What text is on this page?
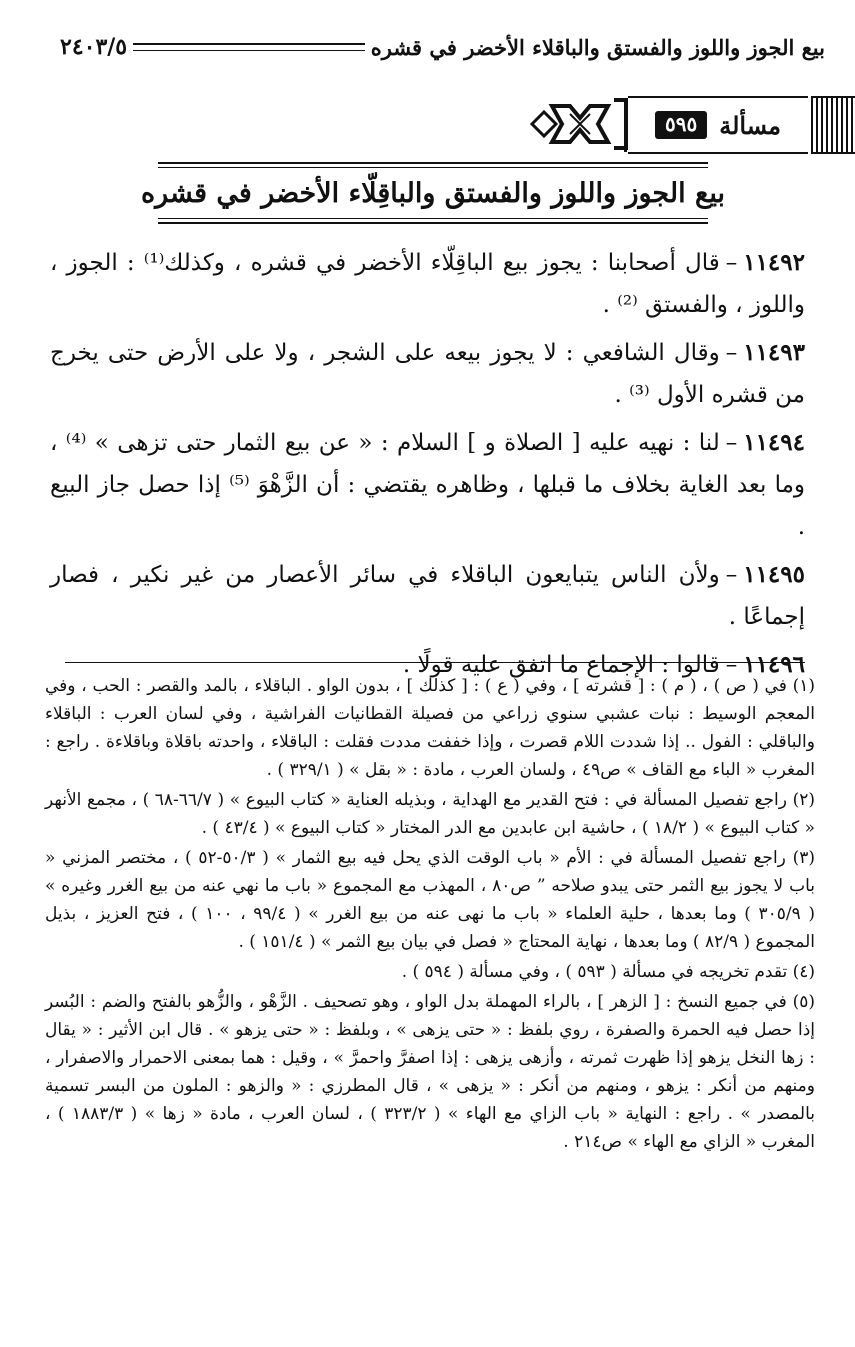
بيع الجوز واللوز والفستق والباقلاء الأخضر في قشره
٢٤٠٣/٥
مسألة
٥٩٥
بيع الجوز واللوز والفستق والباقِلّاء الأخضر في قشره

١١٤٩٢–قال أصحابنا : يجوز بيع الباقِلّاء الأخضر في قشره ، وكذلك⁽¹⁾ : الجوز ، واللوز ، والفستق ⁽²⁾ .

١١٤٩٣–وقال الشافعي : لا يجوز بيعه على الشجر ، ولا على الأرض حتى يخرج من قشره الأول ⁽³⁾ .

١١٤٩٤–لنا : نهيه عليه [ الصلاة و ] السلام : « عن بيع الثمار حتى تزهى » ⁽⁴⁾ ، وما بعد الغاية بخلاف ما قبلها ، وظاهره يقتضي : أن الزَّهْوَ ⁽⁵⁾ إذا حصل جاز البيع .

١١٤٩٥–ولأن الناس يتبايعون الباقلاء في سائر الأعصار من غير نكير ، فصار إجماعًا .

١١٤٩٦–قالوا : الإجماع ما اتفق عليه قولًا .

(١) في ( ص ) ، ( م ) : [ قشرته ] ، وفي ( ع ) : [ كذلك ] ، بدون الواو . الباقلاء ، بالمد والقصر : الحب ، وفي المعجم الوسيط : نبات عشبي سنوي زراعي من فصيلة القطانيات الفراشية ، وفي لسان العرب : الباقلاء والباقلي : الفول .. إذا شددت اللام قصرت ، وإذا خففت مددت فقلت : الباقلاء ، واحدته باقلاة وباقلاءة . راجع : المغرب « الباء مع القاف » ص٤٩ ، ولسان العرب ، مادة : « بقل » ( ٣٢٩/١ ) .

(٢) راجع تفصيل المسألة في : فتح القدير مع الهداية ، وبذيله العناية « كتاب البيوع » ( ٦٦/٧-٦٨ ) ، مجمع الأنهر « كتاب البيوع » ( ١٨/٢ ) ، حاشية ابن عابدين مع الدر المختار « كتاب البيوع » ( ٤٣/٤ ) .

(٣) راجع تفصيل المسألة في : الأم « باب الوقت الذي يحل فيه بيع الثمار » ( ٥٠/٣-٥٢ ) ، مختصر المزني « باب لا يجوز بيع الثمر حتى يبدو صلاحه ” ص٨٠ ، المهذب مع المجموع « باب ما نهي عنه من بيع الغرر وغيره » ( ٣٠٥/٩ ) وما بعدها ، حلية العلماء « باب ما نهى عنه من بيع الغرر » ( ٩٩/٤ ، ١٠٠ ) ، فتح العزيز ، بذيل المجموع ( ٨٢/٩ ) وما بعدها ، نهاية المحتاج « فصل في بيان بيع الثمر » ( ١٥١/٤ ) .

(٤) تقدم تخريجه في مسألة ( ٥٩٣ ) ، وفي مسألة ( ٥٩٤ ) .

(٥) في جميع النسخ : [ الزهر ] ، بالراء المهملة بدل الواو ، وهو تصحيف . الزَّهْو ، والزُّهو بالفتح والضم : البُسر إذا حصل فيه الحمرة والصفرة ، روي بلفظ : « حتى يزهى » ، وبلفظ : « حتى يزهو » . قال ابن الأثير : « يقال : زها النخل يزهو إذا ظهرت ثمرته ، وأزهى يزهى : إذا اصفرَّ واحمرَّ » ، وقيل : هما بمعنى الاحمرار والاصفرار ، ومنهم من أنكر : يزهو ، ومنهم من أنكر : « يزهى » ، قال المطرزي : « والزهو : الملون من البسر تسمية بالمصدر » . راجع : النهاية « باب الزاي مع الهاء » ( ٣٢٣/٢ ) ، لسان العرب ، مادة « زها » ( ١٨٨٣/٣ ) ، المغرب « الزاي مع الهاء » ص٢١٤ .
